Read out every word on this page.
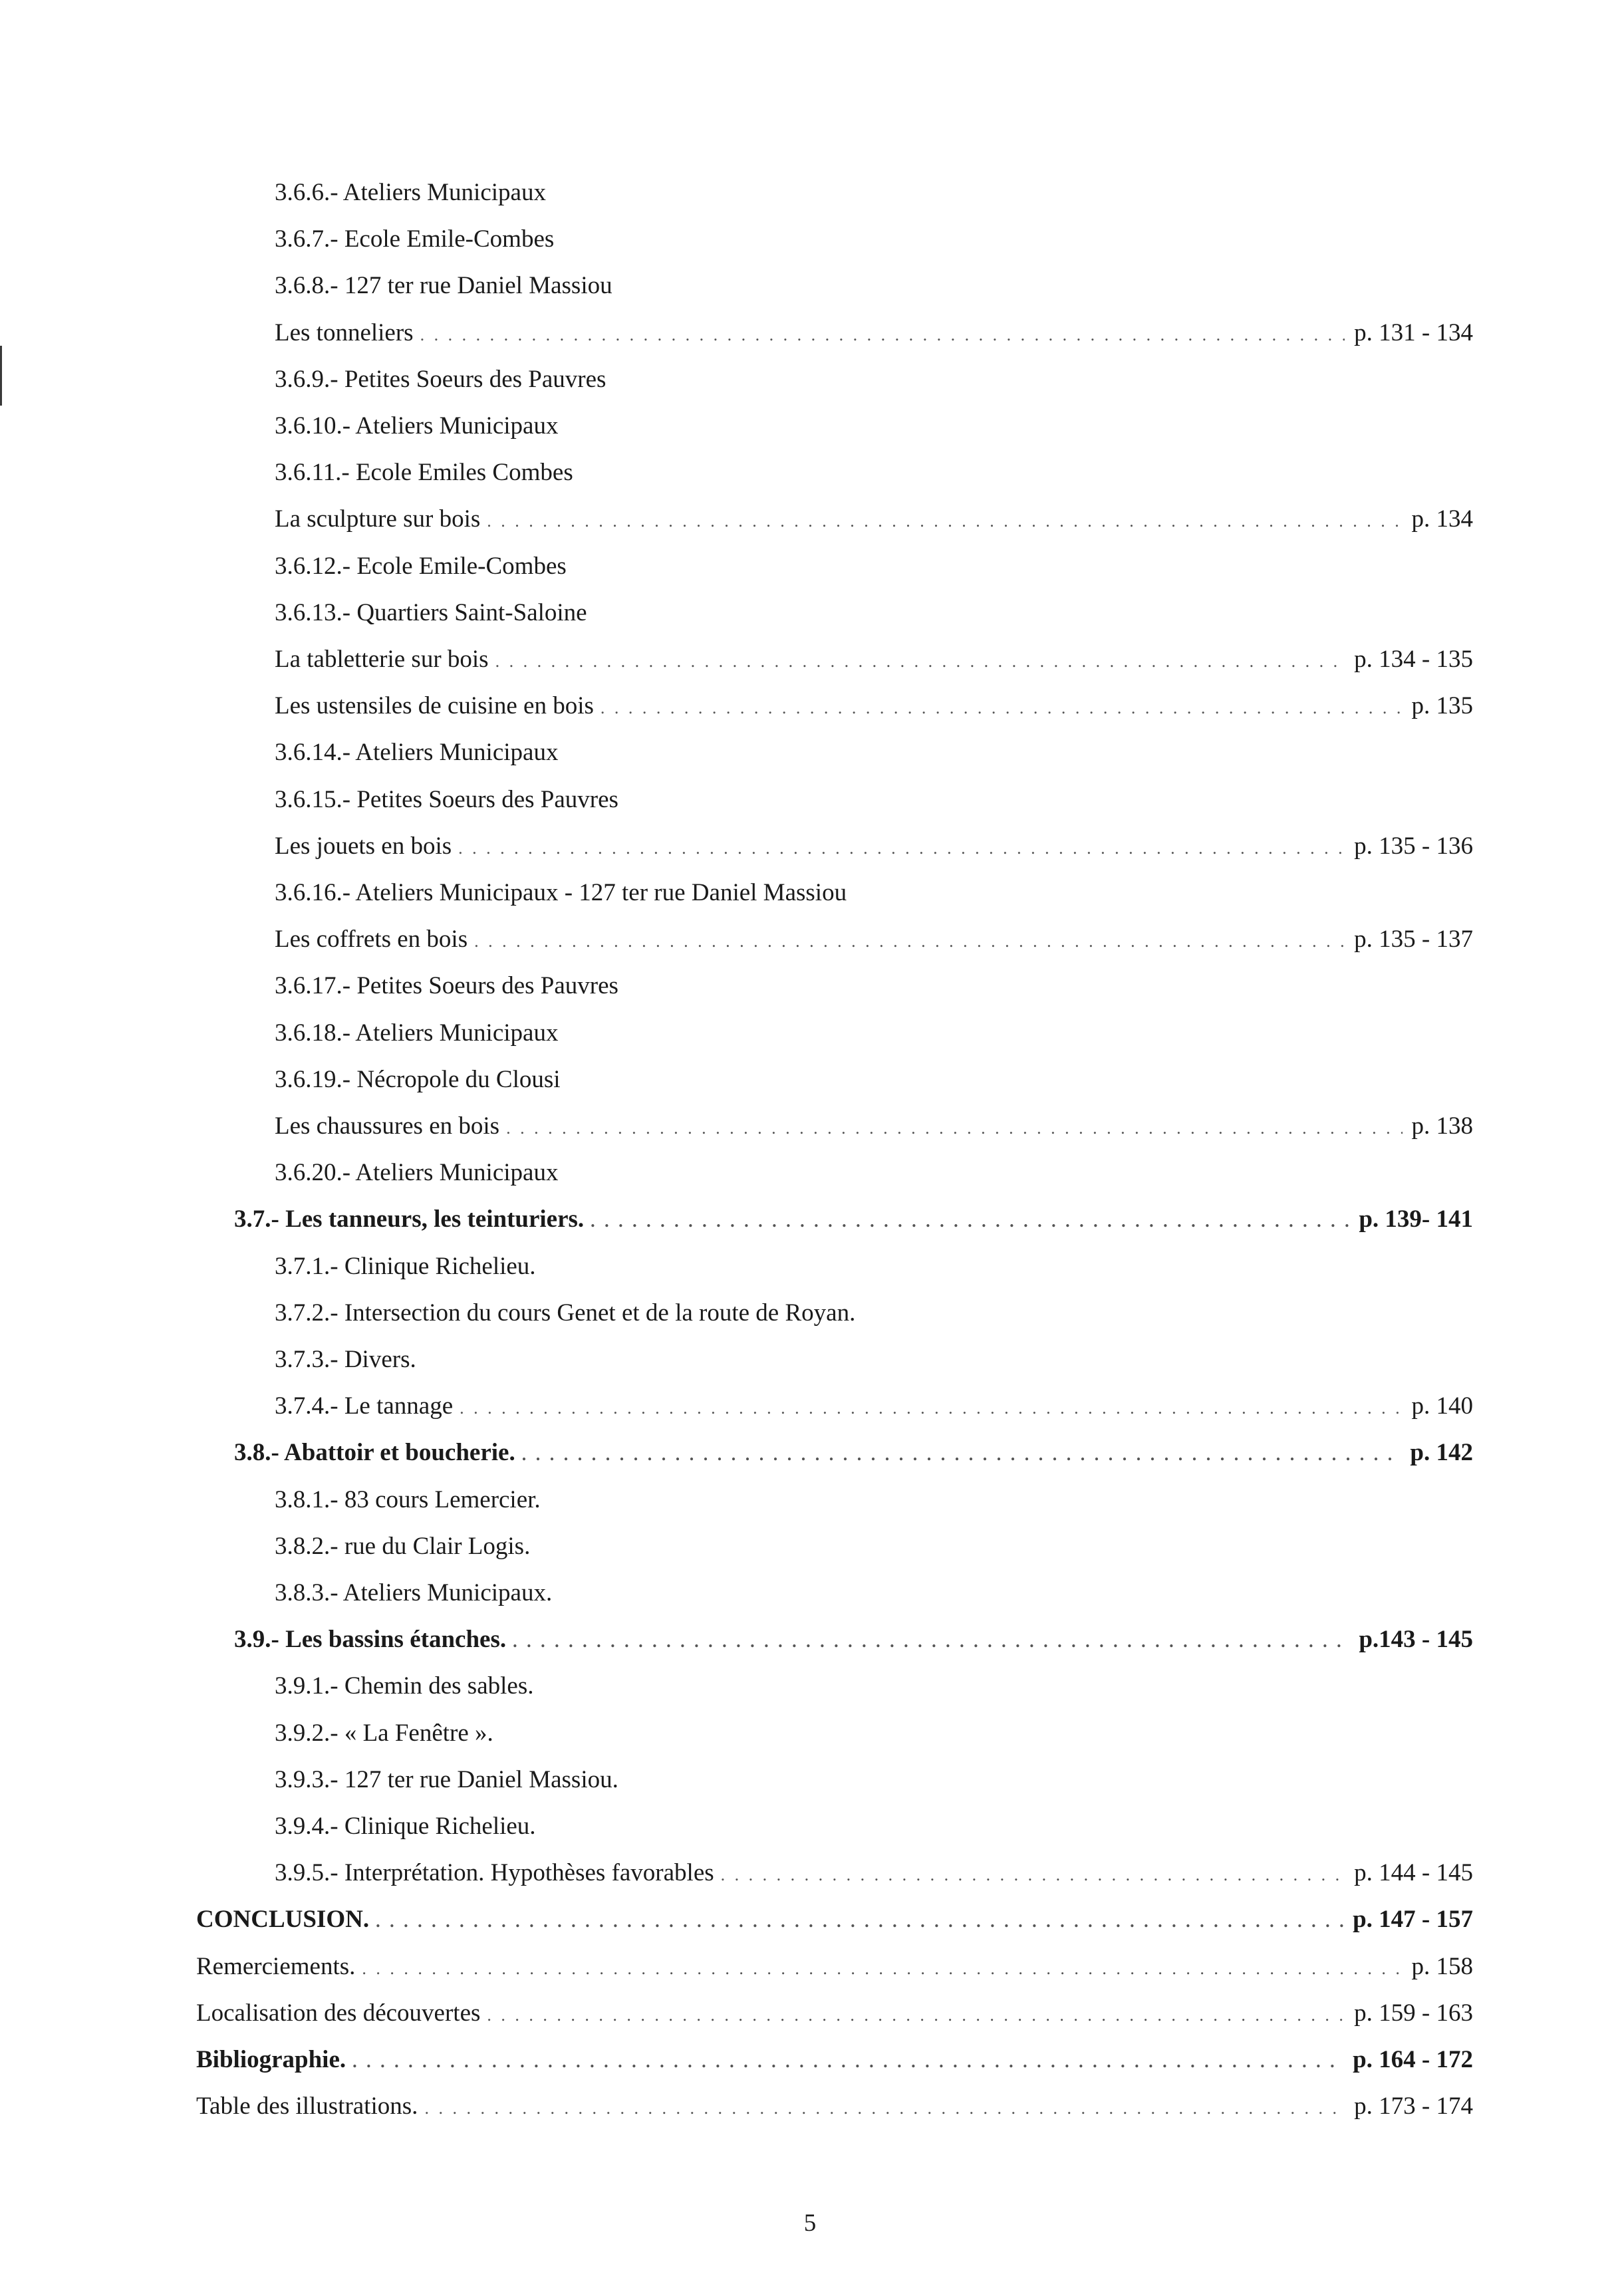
3.6.6.- Ateliers Municipaux
3.6.7.- Ecole Emile-Combes
3.6.8.- 127 ter rue Daniel Massiou
Les tonneliers . . .	p. 131 - 134
3.6.9.- Petites Soeurs des Pauvres
3.6.10.- Ateliers Municipaux
3.6.11.- Ecole Emiles Combes
La sculpture sur bois . . .	p. 134
3.6.12.- Ecole Emile-Combes
3.6.13.- Quartiers Saint-Saloine
La tabletterie sur bois . . .	p. 134 - 135
Les ustensiles de cuisine en bois . . .	p. 135
3.6.14.- Ateliers Municipaux
3.6.15.- Petites Soeurs des Pauvres
Les jouets en bois . . .	p. 135 - 136
3.6.16.- Ateliers Municipaux - 127 ter rue Daniel Massiou
Les coffrets en bois . . .	p. 135 - 137
3.6.17.- Petites Soeurs des Pauvres
3.6.18.- Ateliers Municipaux
3.6.19.- Nécropole du Clousi
Les chaussures en bois . . .	p. 138
3.6.20.- Ateliers Municipaux
3.7.- Les tanneurs, les teinturiers. . . .	p. 139- 141
3.7.1.- Clinique Richelieu.
3.7.2.- Intersection du cours Genet et de la route de Royan.
3.7.3.- Divers.
3.7.4.- Le tannage . . .	p. 140
3.8.- Abattoir et boucherie. . . .	p. 142
3.8.1.- 83 cours Lemercier.
3.8.2.- rue du Clair Logis.
3.8.3.- Ateliers Municipaux.
3.9.- Les bassins étanches. . . .	p.143 - 145
3.9.1.- Chemin des sables.
3.9.2.- « La Fenêtre ».
3.9.3.- 127 ter rue Daniel Massiou.
3.9.4.- Clinique Richelieu.
3.9.5.- Interprétation. Hypothèses favorables . . .	p. 144 - 145
CONCLUSION. . . .	p. 147 - 157
Remerciements. . . .	p. 158
Localisation des découvertes . . .	p. 159 - 163
Bibliographie. . . .	p. 164 - 172
Table des illustrations. . . .	p. 173 - 174
5
